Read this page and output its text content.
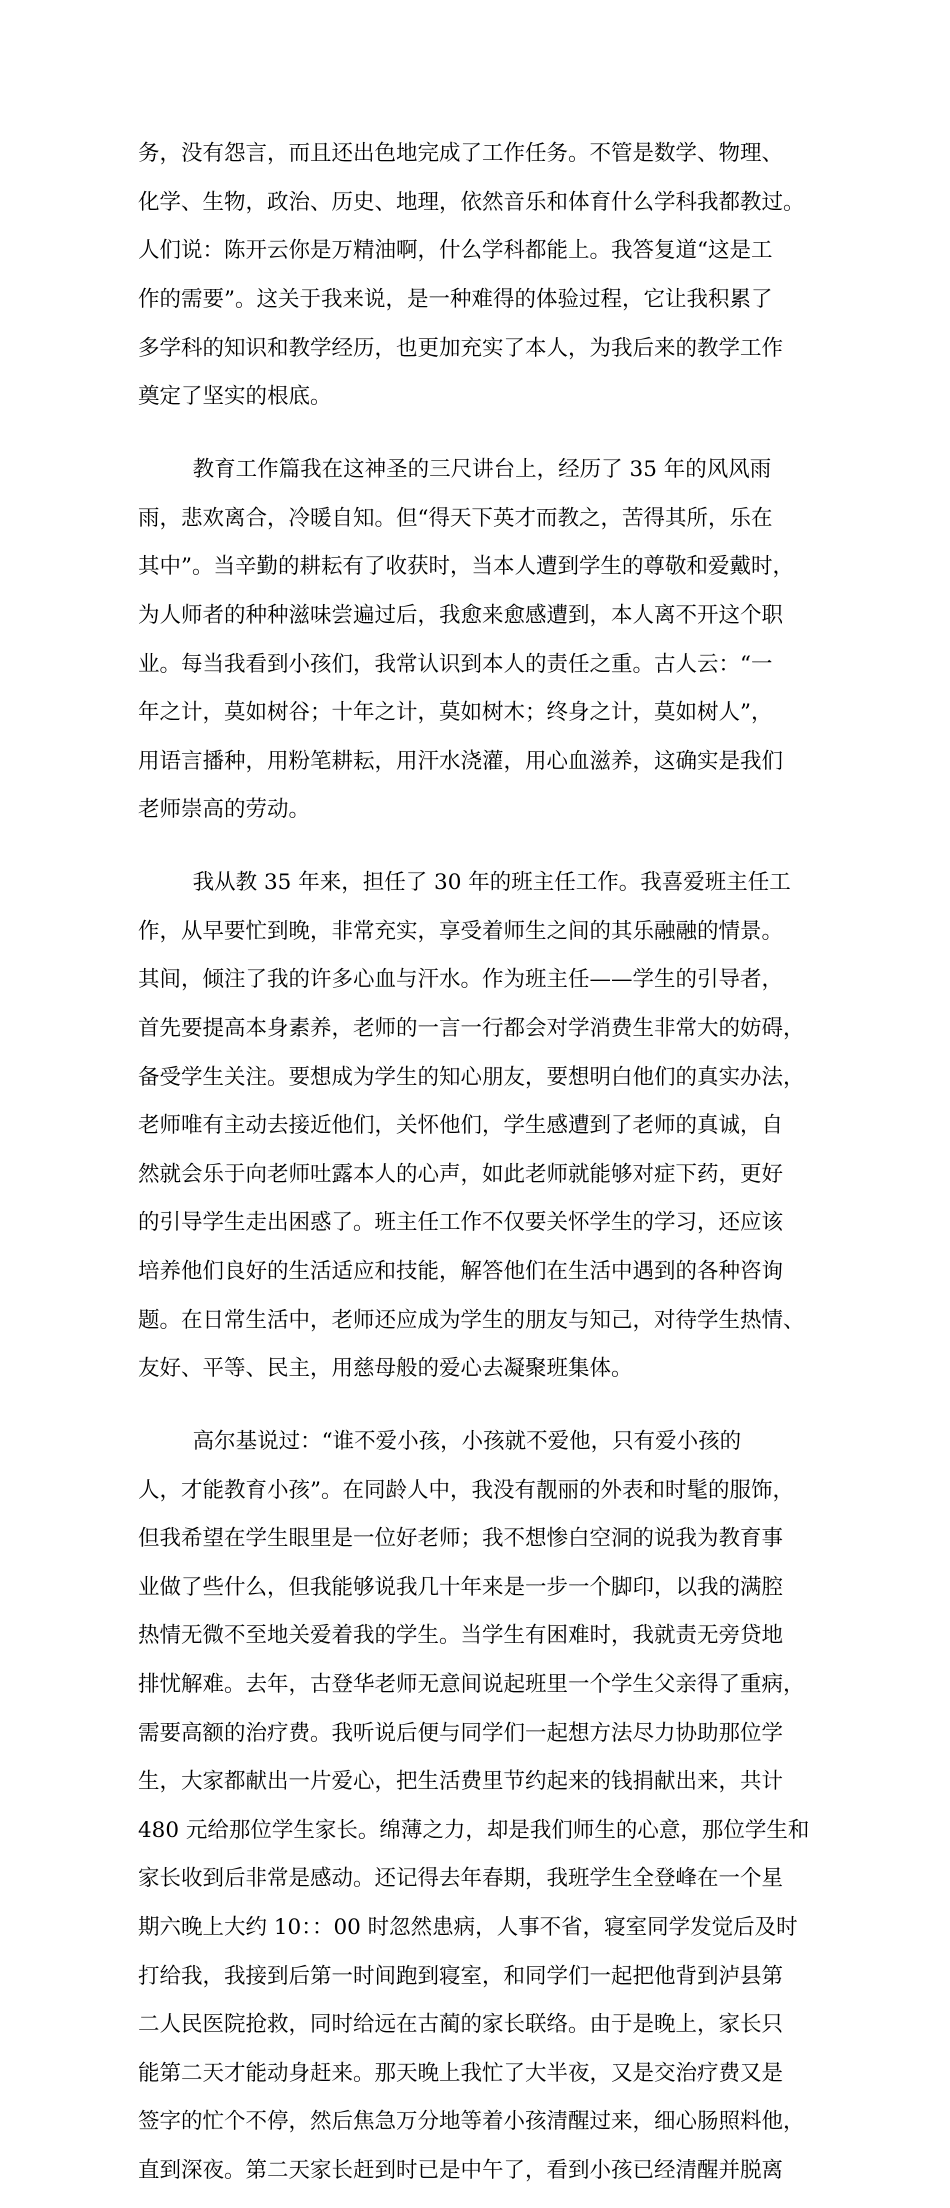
务，没有怨言，而且还出色地完成了工作任务。不管是数学、物理、

化学、生物，政治、历史、地理，依然音乐和体育什么学科我都教过。

人们说：陈开云你是万精油啊，什么学科都能上。我答复道“这是工

作的需要”。这关于我来说，是一种难得的体验过程，它让我积累了

多学科的知识和教学经历，也更加充实了本人，为我后来的教学工作

奠定了坚实的根底。

教育工作篇我在这神圣的三尺讲台上，经历了 35 年的风风雨

雨，悲欢离合，冷暖自知。但“得天下英才而教之，苦得其所，乐在

其中”。当辛勤的耕耘有了收获时，当本人遭到学生的尊敬和爱戴时，

为人师者的种种滋味尝遍过后，我愈来愈感遭到，本人离不开这个职

业。每当我看到小孩们，我常认识到本人的责任之重。古人云：“一

年之计，莫如树谷；十年之计，莫如树木；终身之计，莫如树人”，

用语言播种，用粉笔耕耘，用汗水浇灌，用心血滋养，这确实是我们

老师崇高的劳动。

我从教 35 年来，担任了 30 年的班主任工作。我喜爱班主任工

作，从早要忙到晚，非常充实，享受着师生之间的其乐融融的情景。

其间，倾注了我的许多心血与汗水。作为班主任——学生的引导者，

首先要提高本身素养，老师的一言一行都会对学消费生非常大的妨碍，

备受学生关注。要想成为学生的知心朋友，要想明白他们的真实办法，

老师唯有主动去接近他们，关怀他们，学生感遭到了老师的真诚，自

然就会乐于向老师吐露本人的心声，如此老师就能够对症下药，更好

的引导学生走出困惑了。班主任工作不仅要关怀学生的学习，还应该

培养他们良好的生活适应和技能，解答他们在生活中遇到的各种咨询

题。在日常生活中，老师还应成为学生的朋友与知己，对待学生热情、

友好、平等、民主，用慈母般的爱心去凝聚班集体。

高尔基说过：“谁不爱小孩，小孩就不爱他，只有爱小孩的

人，才能教育小孩”。在同龄人中，我没有靓丽的外表和时髦的服饰，

但我希望在学生眼里是一位好老师；我不想惨白空洞的说我为教育事

业做了些什么，但我能够说我几十年来是一步一个脚印，以我的满腔

热情无微不至地关爱着我的学生。当学生有困难时，我就责无旁贷地

排忧解难。去年，古登华老师无意间说起班里一个学生父亲得了重病，

需要高额的治疗费。我听说后便与同学们一起想方法尽力协助那位学

生，大家都献出一片爱心，把生活费里节约起来的钱捐献出来，共计

480 元给那位学生家长。绵薄之力，却是我们师生的心意，那位学生和

家长收到后非常是感动。还记得去年春期，我班学生全登峰在一个星

期六晚上大约 10：：00 时忽然患病，人事不省，寝室同学发觉后及时

打给我，我接到后第一时间跑到寝室，和同学们一起把他背到泸县第

二人民医院抢救，同时给远在古蔺的家长联络。由于是晚上，家长只

能第二天才能动身赶来。那天晚上我忙了大半夜，又是交治疗费又是

签字的忙个不停，然后焦急万分地等着小孩清醒过来，细心肠照料他，

直到深夜。第二天家长赶到时已是中午了，看到小孩已经清醒并脱离
